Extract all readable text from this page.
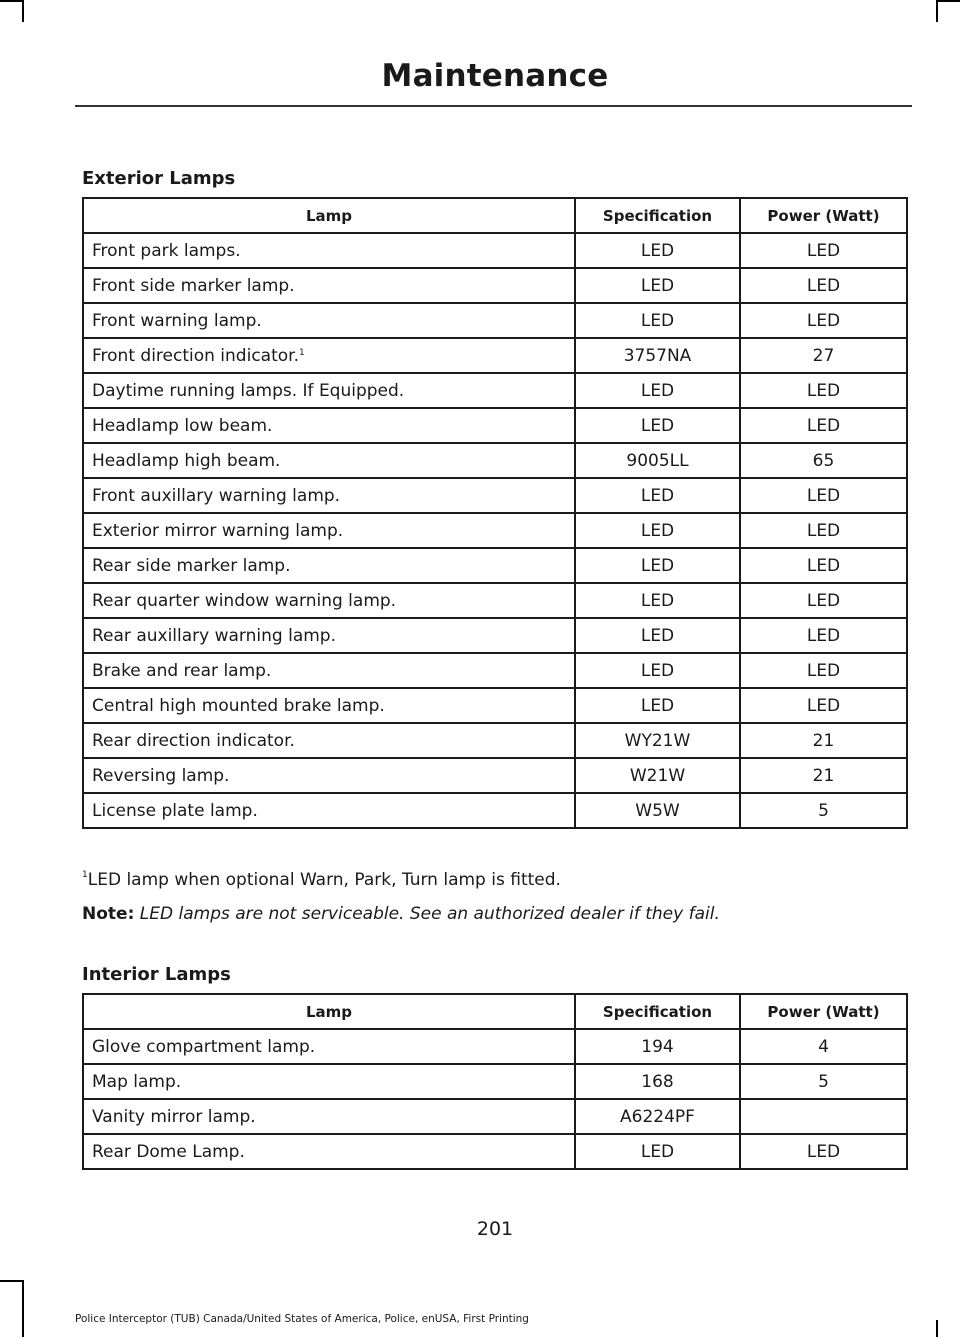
Maintenance
Exterior Lamps
Lamp	Specification	Power (Watt)
Front park lamps.	LED	LED
Front side marker lamp.	LED	LED
Front warning lamp.	LED	LED
Front direction indicator.$^1$	3757NA	27
Daytime running lamps. If Equipped.	LED	LED
Headlamp low beam.	LED	LED
Headlamp high beam.	9005LL	65
Front auxillary warning lamp.	LED	LED
Exterior mirror warning lamp.	LED	LED
Rear side marker lamp.	LED	LED
Rear quarter window warning lamp.	LED	LED
Rear auxillary warning lamp.	LED	LED
Brake and rear lamp.	LED	LED
Central high mounted brake lamp.	LED	LED
Rear direction indicator.	WY21W	21
Reversing lamp.	W21W	21
License plate lamp.	W5W	5
$^1$LED lamp when optional Warn, Park, Turn lamp is fitted.
Note: LED lamps are not serviceable. See an authorized dealer if they fail.
Interior Lamps
Lamp	Specification	Power (Watt)
Glove compartment lamp.	194	4
Map lamp.	168	5
Vanity mirror lamp.	A6224PF	
Rear Dome Lamp.	LED	LED
201
Police Interceptor (TUB) Canada/United States of America, Police, enUSA, First Printing
